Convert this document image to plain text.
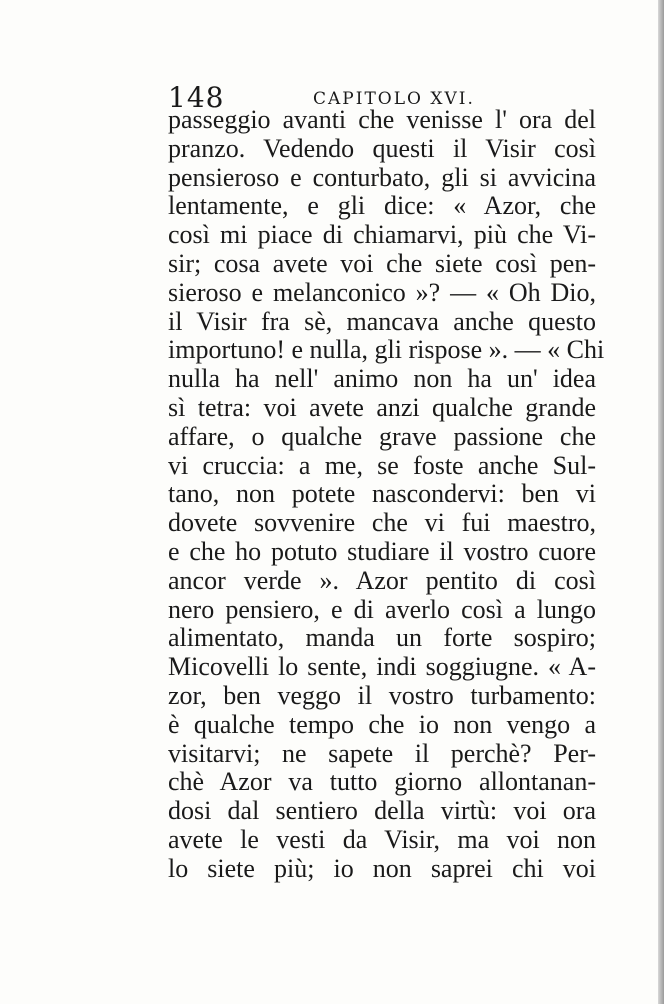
148	CAPITOLO XVI.
passeggio avanti che venisse l' ora del
pranzo. Vedendo questi il Visir così
pensieroso e conturbato, gli si avvicina
lentamente, e gli dice: « Azor, che
così mi piace di chiamarvi, più che Vi-
sir; cosa avete voi che siete così pen-
sieroso e melanconico »? — « Oh Dio,
il Visir fra sè, mancava anche questo
importuno! e nulla, gli rispose ». — « Chi
nulla ha nell' animo non ha un' idea
sì tetra: voi avete anzi qualche grande
affare, o qualche grave passione che
vi cruccia: a me, se foste anche Sul-
tano, non potete nascondervi: ben vi
dovete sovvenire che vi fui maestro,
e che ho potuto studiare il vostro cuore
ancor verde ». Azor pentito di così
nero pensiero, e di averlo così a lungo
alimentato, manda un forte sospiro;
Micovelli lo sente, indi soggiugne. « A-
zor, ben veggo il vostro turbamento:
è qualche tempo che io non vengo a
visitarvi; ne sapete il perchè? Per-
chè Azor va tutto giorno allontanan-
dosi dal sentiero della virtù: voi ora
avete le vesti da Visir, ma voi non
lo siete più; io non saprei chi voi
